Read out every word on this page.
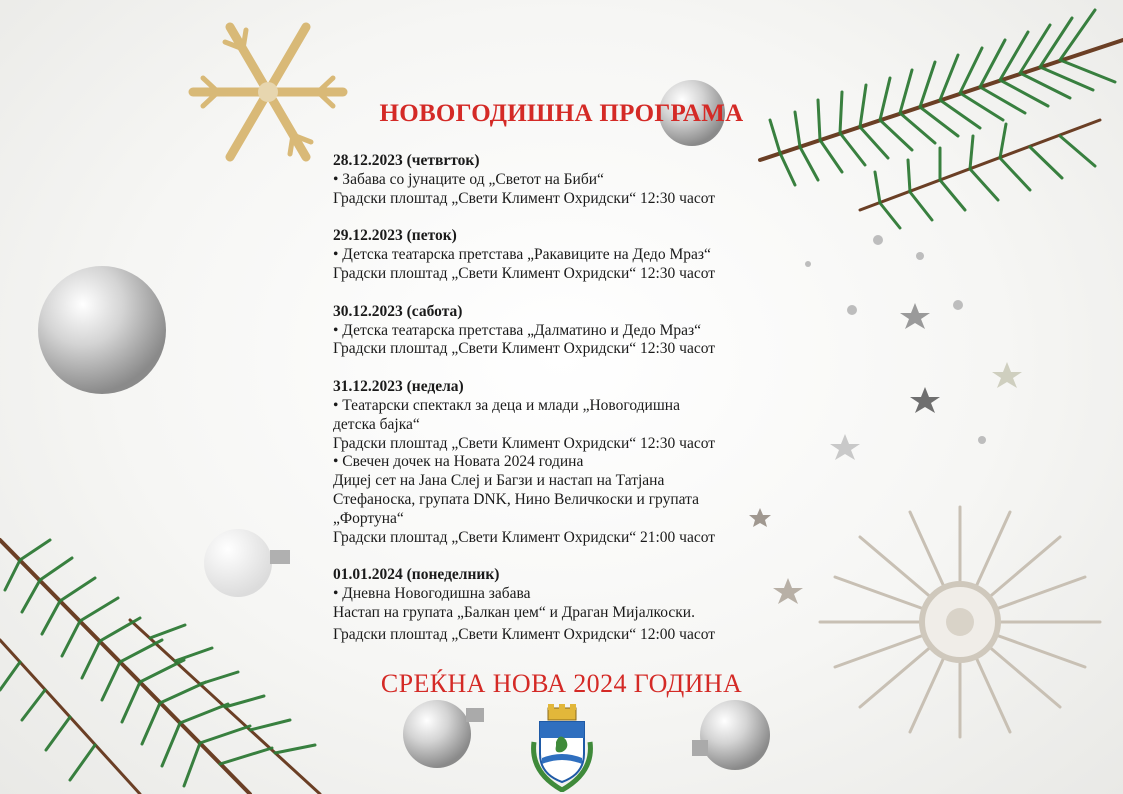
НОВОГОДИШНА ПРОГРАМА
28.12.2023 (четвrток)
• Забава со јунаците од „Светот на Биби“
Градски плоштад „Свети Климент Охридски“ 12:30 часот
29.12.2023 (петок)
• Детска театарска претстава „Ракавиците на Дедо Мраз“
Градски плоштад „Свети Климент Охридски“ 12:30 часот
30.12.2023 (сабота)
• Детска театарска претстава „Далматино и Дедо Мраз“
Градски плоштад „Свети Климент Охридски“ 12:30 часот
31.12.2023 (недела)
• Театарски спектакл за деца и млади „Новогодишна
детска бајка“
Градски плоштад „Свети Климент Охридски“ 12:30 часот
• Свечен дочек на Новата 2024 година
Диџеј сет на Јана Слеј и Багзи и настап на Татјана
Стефаноска, групата DNK, Нино Величкоски и групата
„Фортуна“
Градски плоштад „Свети Климент Охридски“ 21:00 часот
01.01.2024 (понеделник)
• Дневна Новогодишна забава
Настап на групата „Балкан џем“ и Драган Мијалкоски.
Градски плоштад „Свети Климент Охридски“ 12:00 часот
СРЕЌНА НОВА 2024 ГОДИНА
